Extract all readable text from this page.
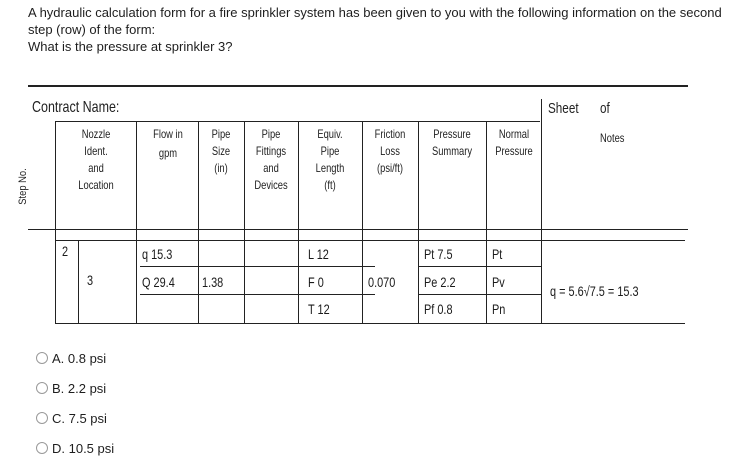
A hydraulic calculation form for a fire sprinkler system has been given to you with the following information on the second step (row) of the form:

What is the pressure at sprinkler 3?

Contract Name:	Sheet of
Step No.
Nozzle
Ident.
and
Location
Flow in
gpm
Pipe
Size
(in)
Pipe
Fittings
and
Devices
Equiv.
Pipe
Length
(ft)
Friction
Loss
(psi/ft)
Pressure
Summary
Normal
Pressure
Notes
2
3
q 15.3
Q 29.4 1.38
L 12
F 0
T 12
0.070
Pt 7.5
Pe 2.2
Pf 0.8
Pt
Pv
Pn
q = 5.6√7.5 = 15.3
A. 0.8 psi
B. 2.2 psi
C. 7.5 psi
D. 10.5 psi
